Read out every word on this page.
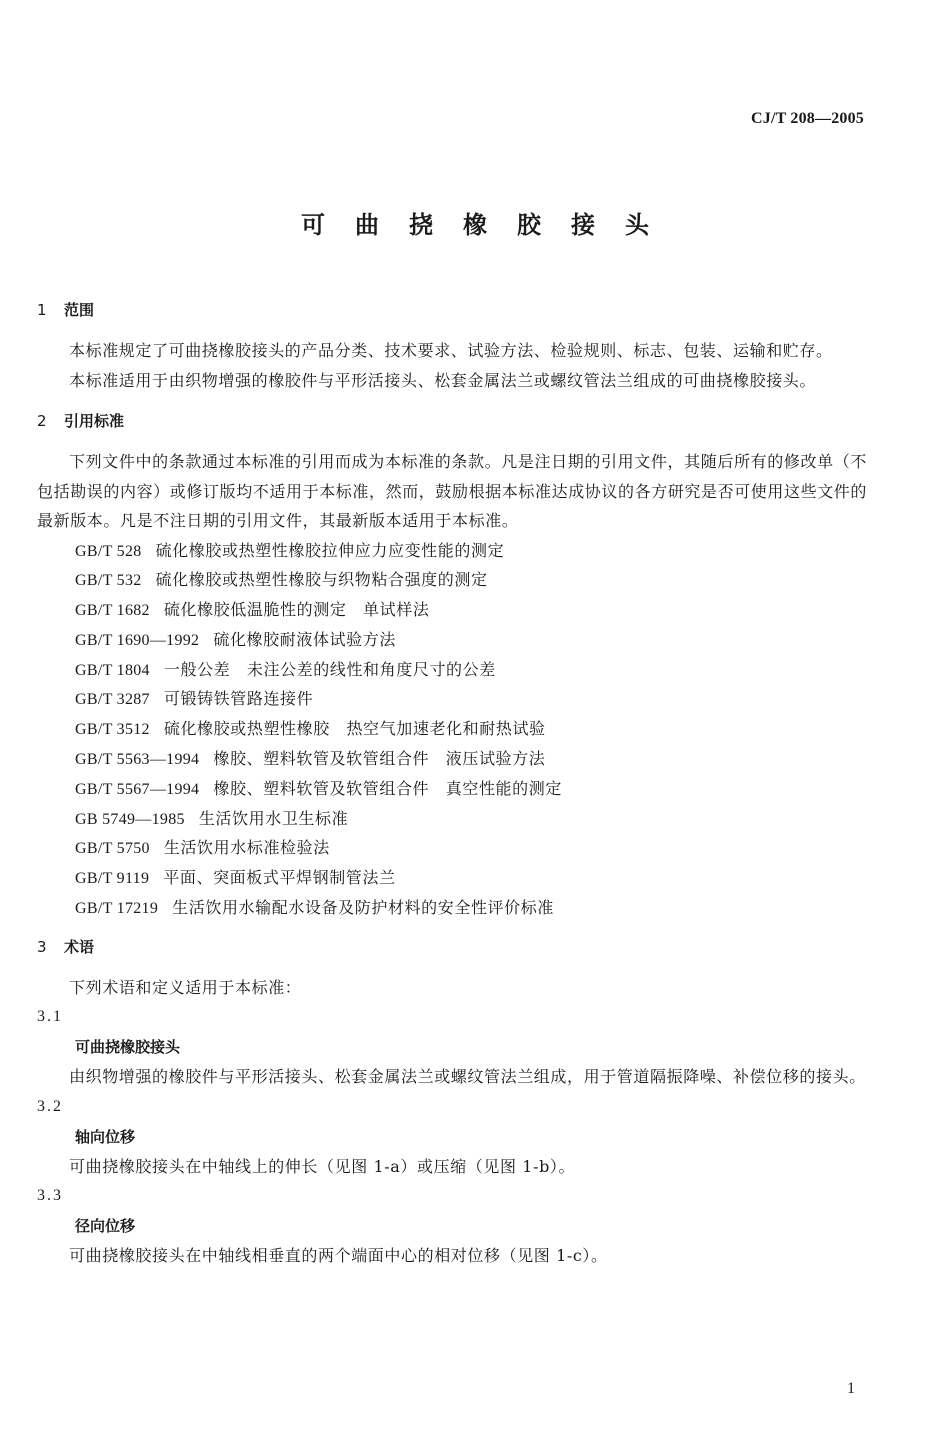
CJ/T 208—2005
可曲挠橡胶接头
1 范围

本标准规定了可曲挠橡胶接头的产品分类、技术要求、试验方法、检验规则、标志、包装、运输和贮存。

本标准适用于由织物增强的橡胶件与平形活接头、松套金属法兰或螺纹管法兰组成的可曲挠橡胶接头。

2 引用标准

下列文件中的条款通过本标准的引用而成为本标准的条款。凡是注日期的引用文件，其随后所有的修改单（不包括勘误的内容）或修订版均不适用于本标准，然而，鼓励根据本标准达成协议的各方研究是否可使用这些文件的最新版本。凡是不注日期的引用文件，其最新版本适用于本标准。

GB/T 528 硫化橡胶或热塑性橡胶拉伸应力应变性能的测定
GB/T 532 硫化橡胶或热塑性橡胶与织物粘合强度的测定
GB/T 1682 硫化橡胶低温脆性的测定　单试样法
GB/T 1690—1992 硫化橡胶耐液体试验方法
GB/T 1804 一般公差　未注公差的线性和角度尺寸的公差
GB/T 3287 可锻铸铁管路连接件
GB/T 3512 硫化橡胶或热塑性橡胶　热空气加速老化和耐热试验
GB/T 5563—1994 橡胶、塑料软管及软管组合件　液压试验方法
GB/T 5567—1994 橡胶、塑料软管及软管组合件　真空性能的测定
GB 5749—1985 生活饮用水卫生标准
GB/T 5750 生活饮用水标准检验法
GB/T 9119 平面、突面板式平焊钢制管法兰
GB/T 17219 生活饮用水输配水设备及防护材料的安全性评价标准
3 术语

下列术语和定义适用于本标准：

3.1
可曲挠橡胶接头

由织物增强的橡胶件与平形活接头、松套金属法兰或螺纹管法兰组成，用于管道隔振降噪、补偿位移的接头。

3.2
轴向位移

可曲挠橡胶接头在中轴线上的伸长（见图 1-a）或压缩（见图 1-b）。

3.3
径向位移

可曲挠橡胶接头在中轴线相垂直的两个端面中心的相对位移（见图 1-c）。

1
